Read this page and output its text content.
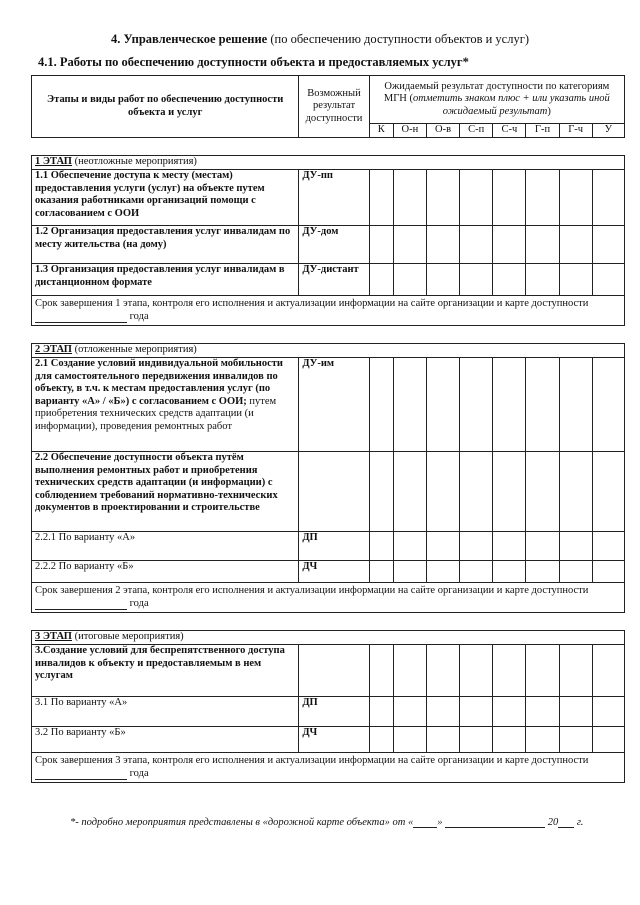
4. Управленческое решение (по обеспечению доступности объектов и услуг)
4.1. Работы по обеспечению доступности объекта и предоставляемых услуг*
Этапы и виды работ по обеспечению доступности объекта и услуг	Возможный результат доступности	Ожидаемый результат доступности по категориям МГН (отметить знаком плюс + или указать иной ожидаемый результат)							
		К	О-н	О-в	С-п	С-ч	Г-п	Г-ч	У

1 ЭТАП (неотложные мероприятия)									
1.1 Обеспечение доступа к месту (местам) предоставления услуги (услуг) на объекте путем оказания работниками организаций помощи с согласованием с ООИ	ДУ-пп								
1.2 Организация предоставления услуг инвалидам по месту жительства (на дому)	ДУ-дом								
1.3 Организация предоставления услуг инвалидам в дистанционном формате	ДУ-дистант								
Срок завершения 1 этапа, контроля его исполнения и актуализации информации на сайте организации и карте доступности  года									

2 ЭТАП (отложенные мероприятия)									
2.1 Создание условий индивидуальной мобильности для самостоятельного передвижения инвалидов по объекту, в т.ч. к местам предоставления услуг (по варианту «А» / «Б») с согласованием с ООИ; путем приобретения технических средств адаптации (и информации), проведения ремонтных работ	ДУ-им								
2.2 Обеспечение доступности объекта путём выполнения ремонтных работ и приобретения технических средств адаптации (и информации) с соблюдением требований нормативно-технических документов в проектировании и строительстве									
2.2.1 По варианту «А»	ДП								
2.2.2 По варианту «Б»	ДЧ								
Срок завершения 2 этапа, контроля его исполнения и актуализации информации на сайте организации и карте доступности  года									

3 ЭТАП (итоговые мероприятия)									
3.Создание условий для беспрепятственного доступа инвалидов к объекту и предоставляемым в нем услугам									
3.1 По варианту «А»	ДП								
3.2 По варианту «Б»	ДЧ								
Срок завершения 3 этапа, контроля его исполнения и актуализации информации на сайте организации и карте доступности  года									
*- подробно мероприятия представлены в «дорожной карте объекта» от « »	20 г.
